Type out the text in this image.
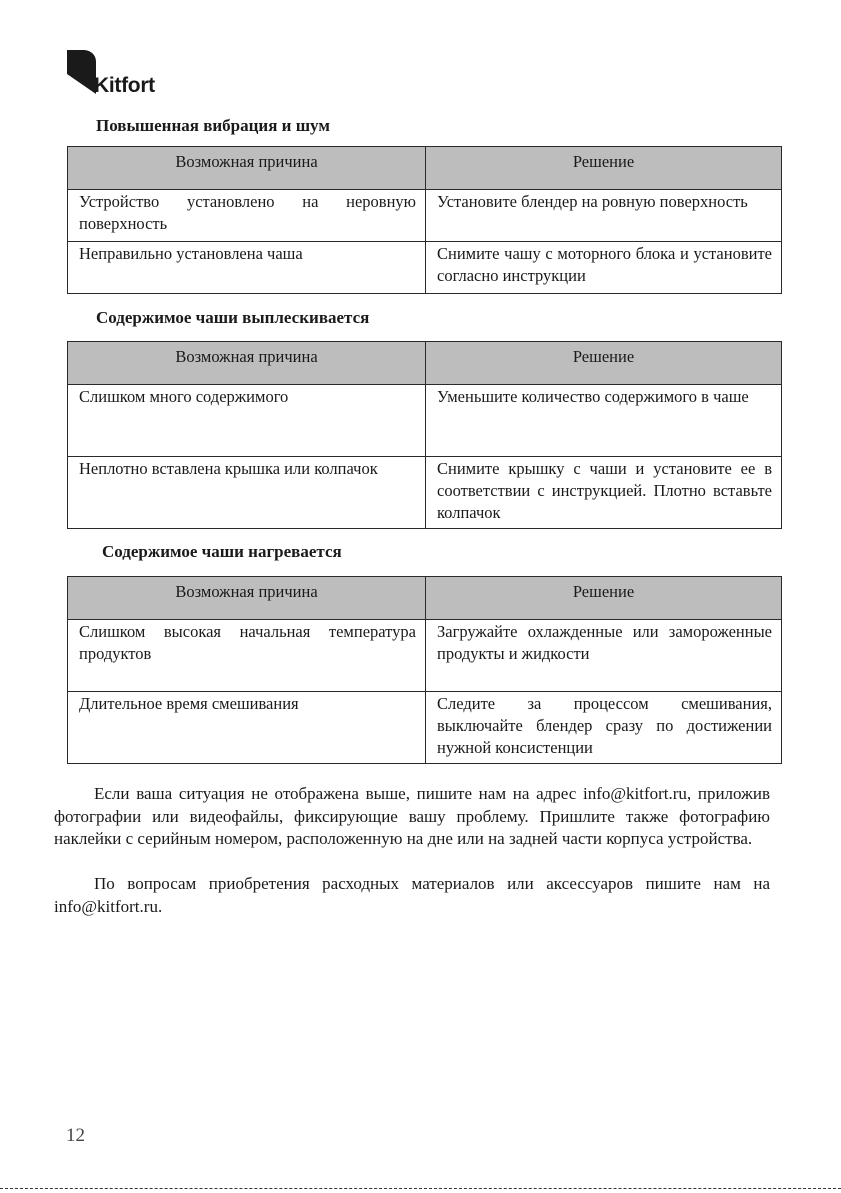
Kitfort
Повышенная вибрация и шум
Возможная причина	Решение
Устройство установлено на неровную поверхность	Установите блендер на ровную поверхность
Неправильно установлена чаша	Снимите чашу с моторного блока и установите согласно инструкции
Содержимое чаши выплескивается
Возможная причина	Решение
Слишком много содержимого	Уменьшите количество содержимого в чаше
Неплотно вставлена крышка или колпачок	Снимите крышку с чаши и установите ее в соответствии с инструкцией. Плотно вставьте колпачок
Содержимое чаши нагревается
Возможная причина	Решение
Слишком высокая начальная температура продуктов	Загружайте охлажденные или замороженные продукты и жидкости
Длительное время смешивания	Следите за процессом смешивания, выключайте блендер сразу по достижении нужной консистенции

Если ваша ситуация не отображена выше, пишите нам на адрес info@kitfort.ru, приложив фотографии или видеофайлы, фиксирующие вашу проблему. Пришлите также фотографию наклейки с серийным номером, расположенную на дне или на задней части корпуса устройства.

По вопросам приобретения расходных материалов или аксессуаров пишите нам на info@kitfort.ru.

12
